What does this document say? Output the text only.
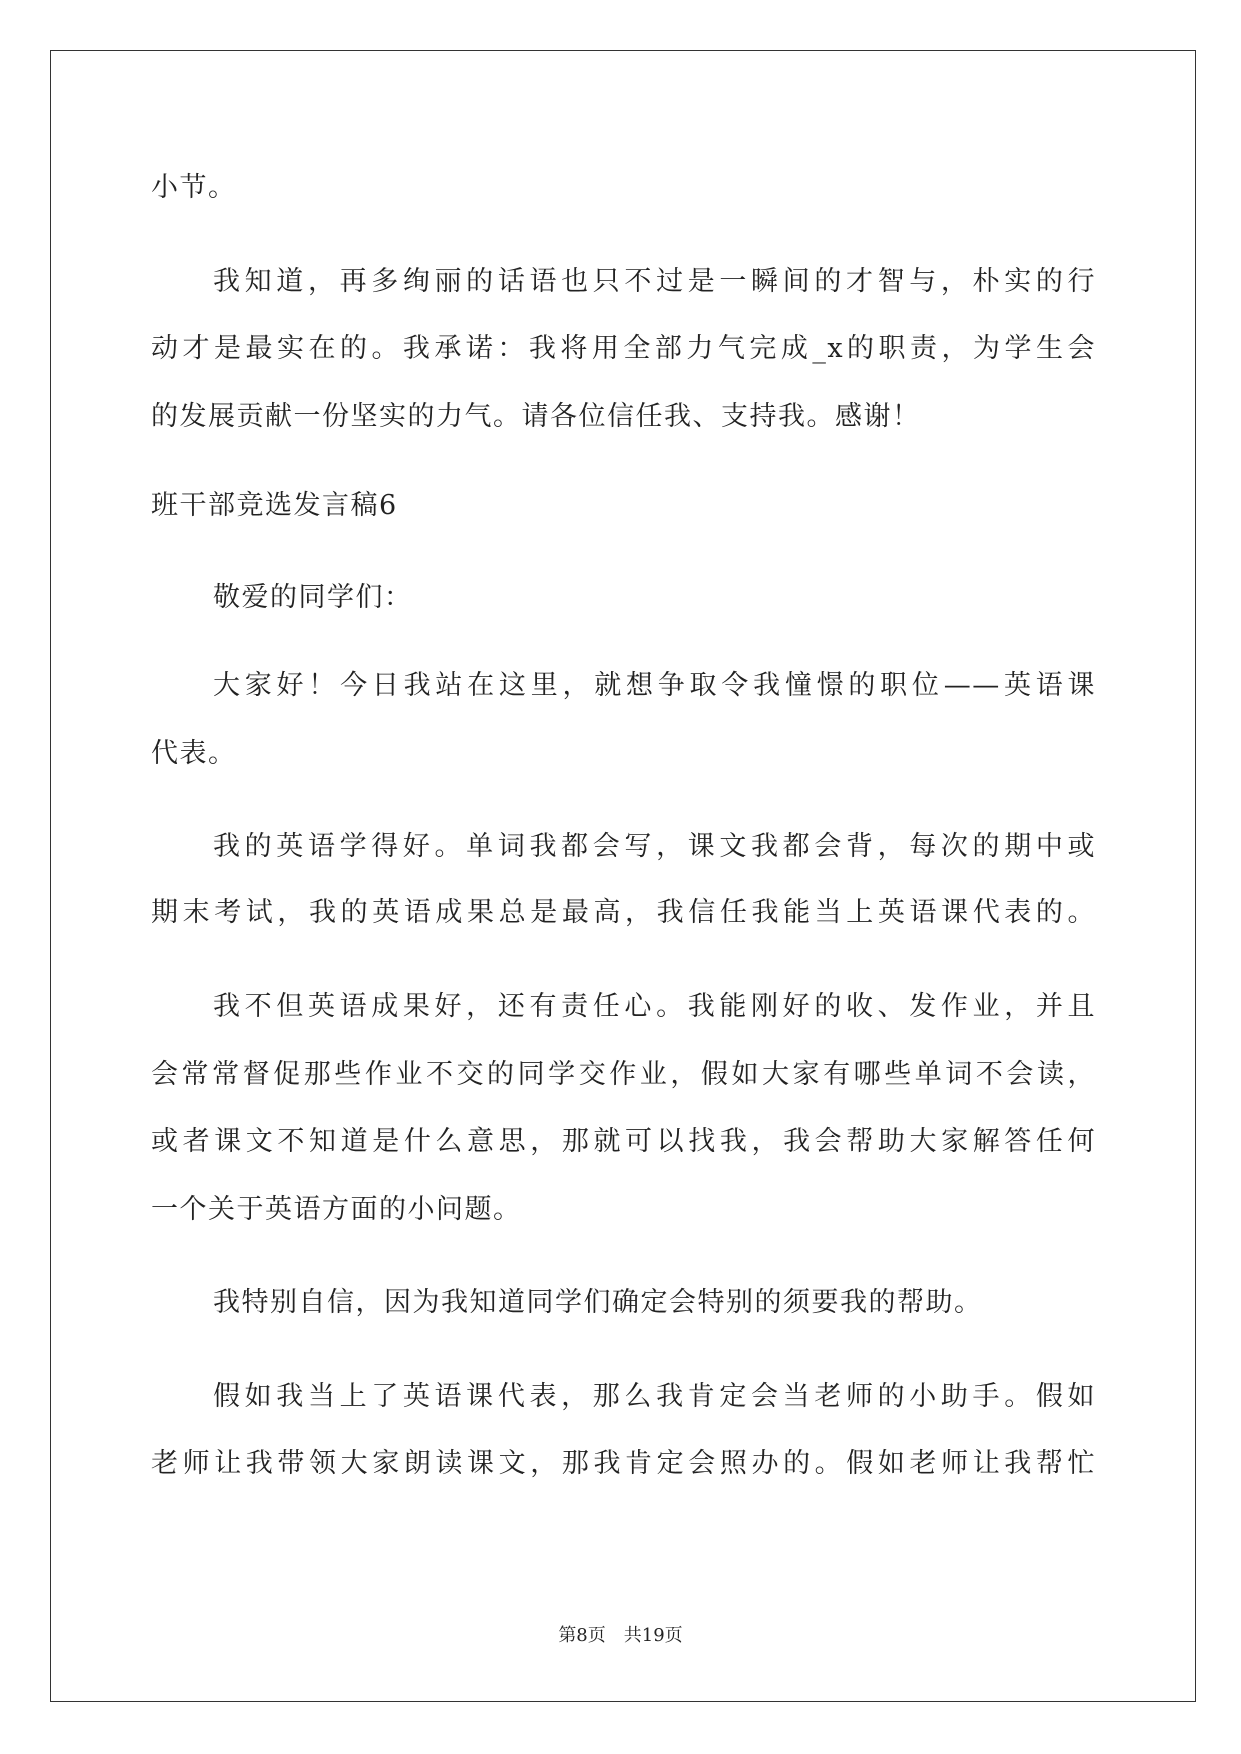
小节。
我知道，再多绚丽的话语也只不过是一瞬间的才智与，朴实的行
动才是最实在的。我承诺：我将用全部力气完成_x的职责，为学生会
的发展贡献一份坚实的力气。请各位信任我、支持我。感谢！
班干部竞选发言稿6
敬爱的同学们：
大家好！今日我站在这里，就想争取令我憧憬的职位——英语课
代表。
我的英语学得好。单词我都会写，课文我都会背，每次的期中或
期末考试，我的英语成果总是最高，我信任我能当上英语课代表的。
我不但英语成果好，还有责任心。我能刚好的收、发作业，并且
会常常督促那些作业不交的同学交作业，假如大家有哪些单词不会读，
或者课文不知道是什么意思，那就可以找我，我会帮助大家解答任何
一个关于英语方面的小问题。
我特别自信，因为我知道同学们确定会特别的须要我的帮助。
假如我当上了英语课代表，那么我肯定会当老师的小助手。假如
老师让我带领大家朗读课文，那我肯定会照办的。假如老师让我帮忙
第8页　共19页
